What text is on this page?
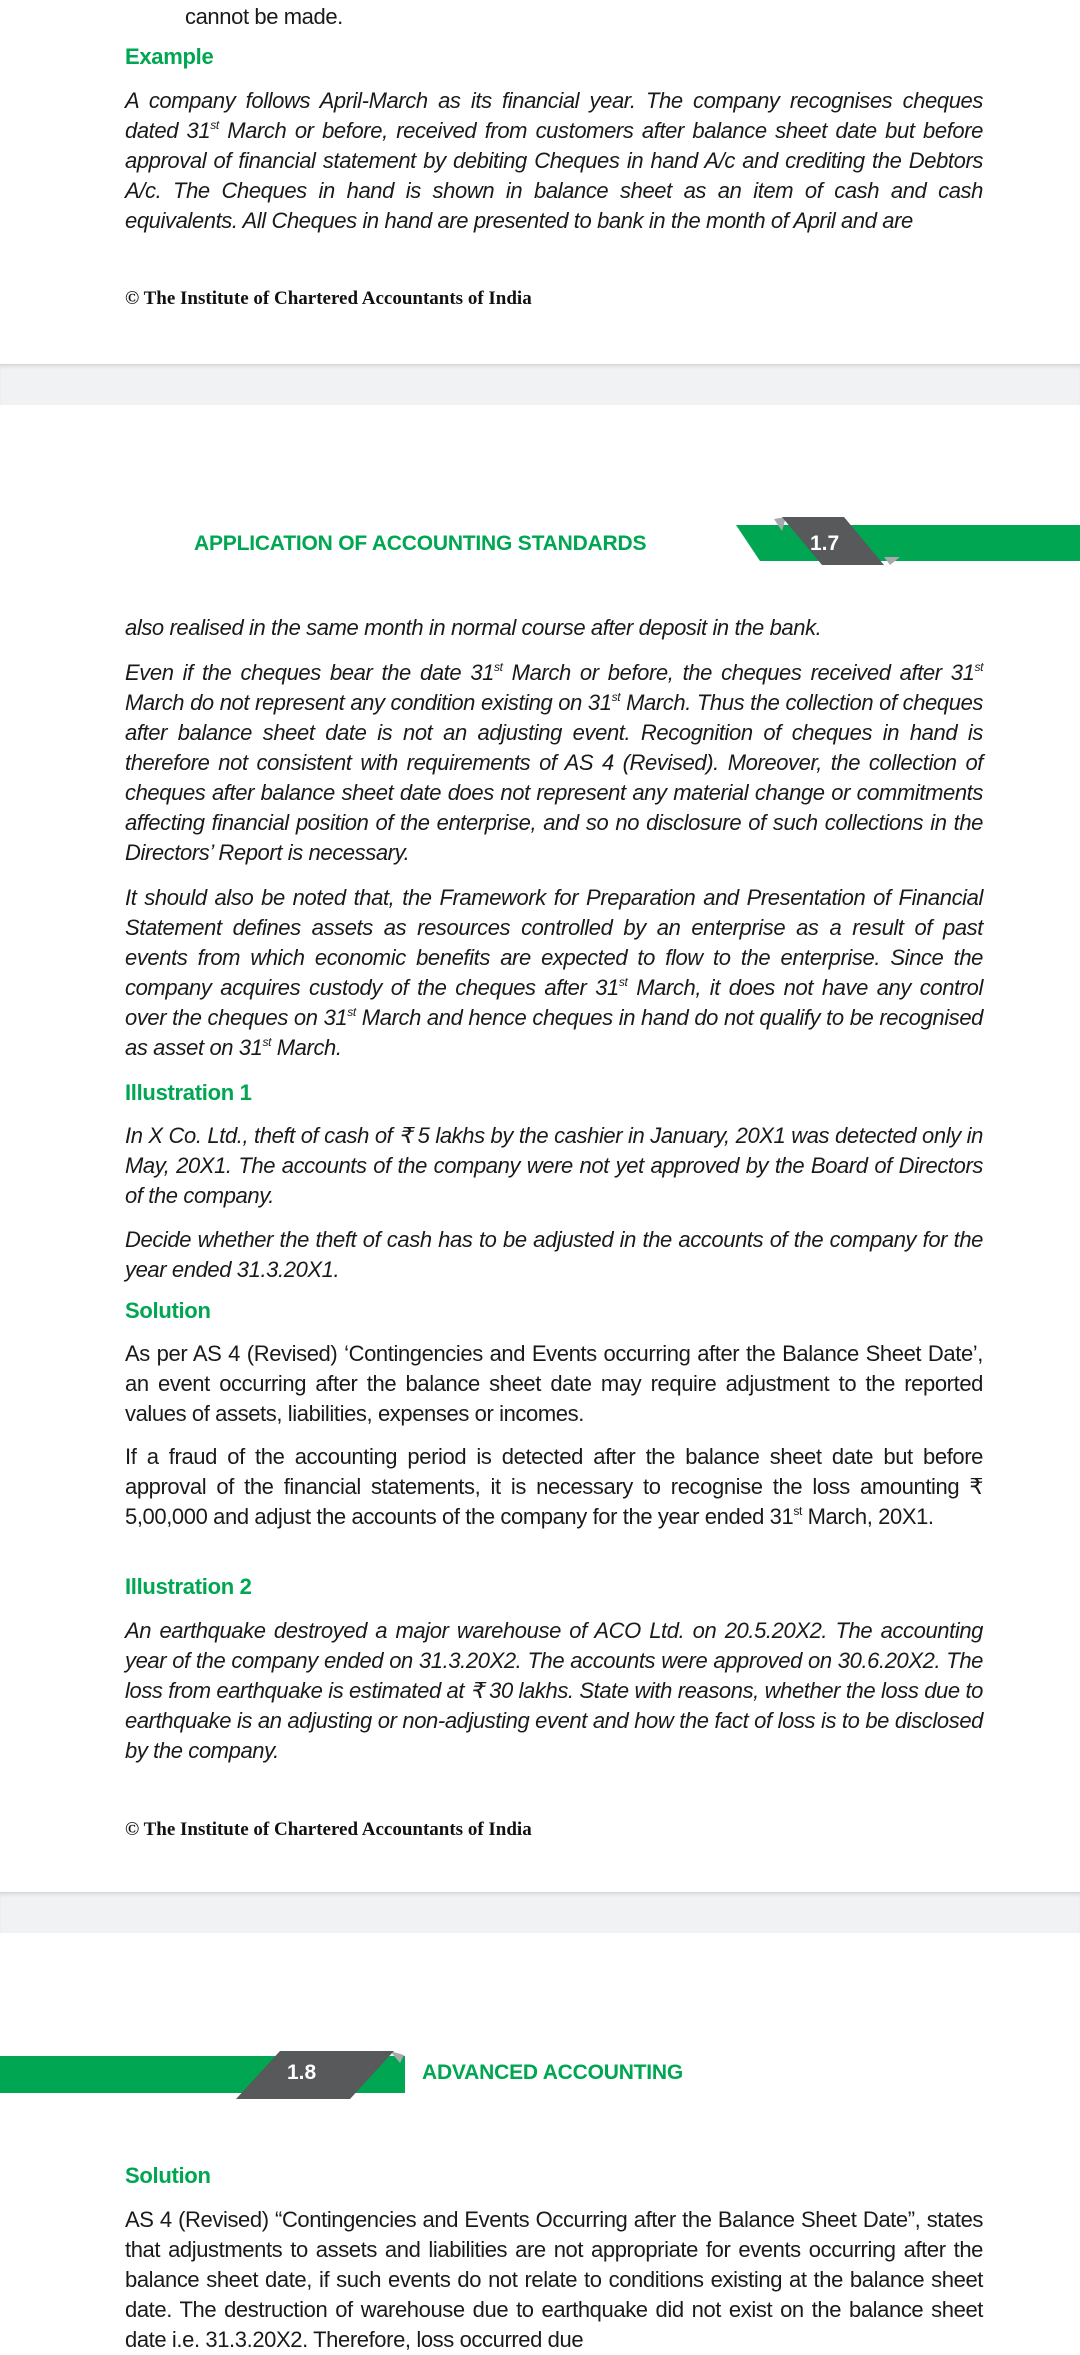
cannot be made.
Example
A company follows April-March as its financial year. The company recognises cheques dated 31st March or before, received from customers after balance sheet date but before approval of financial statement by debiting Cheques in hand A/c and crediting the Debtors A/c. The Cheques in hand is shown in balance sheet as an item of cash and cash equivalents. All Cheques in hand are presented to bank in the month of April and are
© The Institute of Chartered Accountants of India
APPLICATION OF ACCOUNTING STANDARDS	1.7
also realised in the same month in normal course after deposit in the bank.
Even if the cheques bear the date 31st March or before, the cheques received after 31st March do not represent any condition existing on 31st March. Thus the collection of cheques after balance sheet date is not an adjusting event. Recognition of cheques in hand is therefore not consistent with requirements of AS 4 (Revised). Moreover, the collection of cheques after balance sheet date does not represent any material change or commitments affecting financial position of the enterprise, and so no disclosure of such collections in the Directors’ Report is necessary.
It should also be noted that, the Framework for Preparation and Presentation of Financial Statement defines assets as resources controlled by an enterprise as a result of past events from which economic benefits are expected to flow to the enterprise. Since the company acquires custody of the cheques after 31st March, it does not have any control over the cheques on 31st March and hence cheques in hand do not qualify to be recognised as asset on 31st March.
Illustration 1
In X Co. Ltd., theft of cash of ₹ 5 lakhs by the cashier in January, 20X1 was detected only in May, 20X1. The accounts of the company were not yet approved by the Board of Directors of the company.
Decide whether the theft of cash has to be adjusted in the accounts of the company for the year ended 31.3.20X1.
Solution
As per AS 4 (Revised) ‘Contingencies and Events occurring after the Balance Sheet Date’, an event occurring after the balance sheet date may require adjustment to the reported values of assets, liabilities, expenses or incomes.
If a fraud of the accounting period is detected after the balance sheet date but before approval of the financial statements, it is necessary to recognise the loss amounting ₹ 5,00,000 and adjust the accounts of the company for the year ended 31st March, 20X1.
Illustration 2
An earthquake destroyed a major warehouse of ACO Ltd. on 20.5.20X2. The accounting year of the company ended on 31.3.20X2. The accounts were approved on 30.6.20X2. The loss from earthquake is estimated at ₹ 30 lakhs. State with reasons, whether the loss due to earthquake is an adjusting or non-adjusting event and how the fact of loss is to be disclosed by the company.
© The Institute of Chartered Accountants of India
1.8	ADVANCED ACCOUNTING
Solution
AS 4 (Revised) “Contingencies and Events Occurring after the Balance Sheet Date”, states that adjustments to assets and liabilities are not appropriate for events occurring after the balance sheet date, if such events do not relate to conditions existing at the balance sheet date. The destruction of warehouse due to earthquake did not exist on the balance sheet date i.e. 31.3.20X2. Therefore, loss occurred due
